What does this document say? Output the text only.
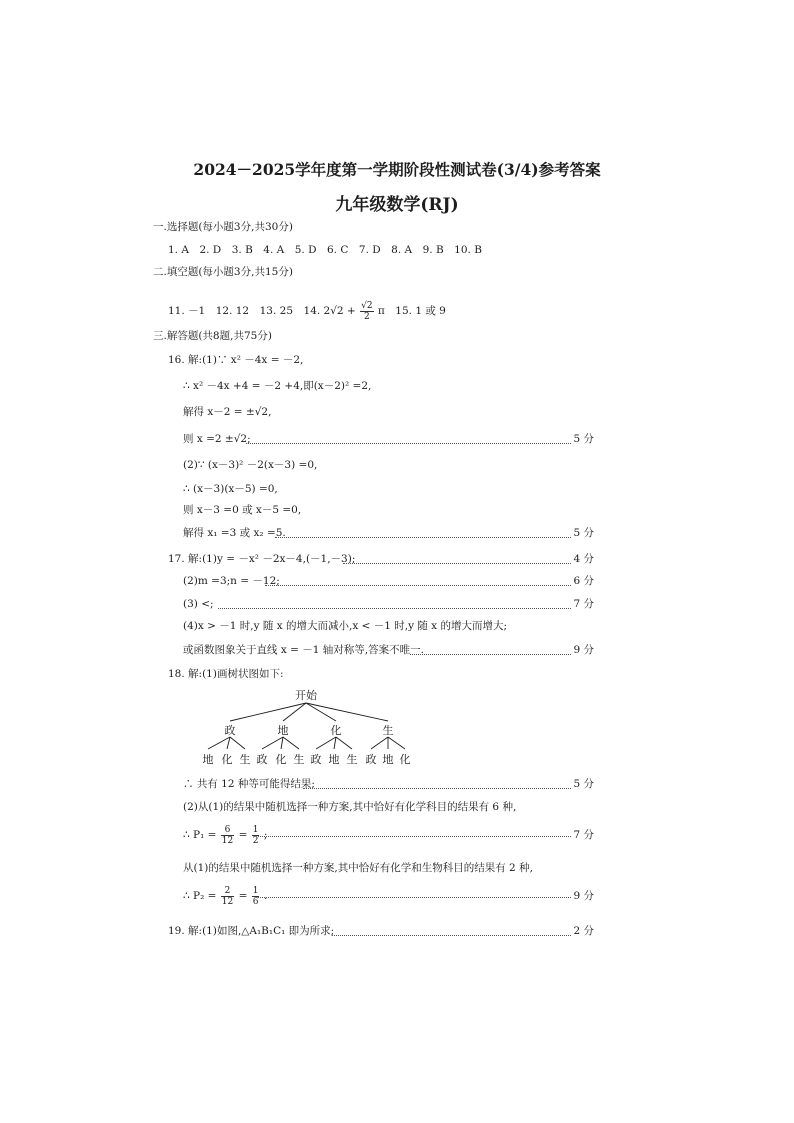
2024－2025学年度第一学期阶段性测试卷(3/4)参考答案
九年级数学(RJ)
一.选择题(每小题3分,共30分)
1. A　2. D　3. B　4. A　5. D　6. C　7. D　8. A　9. B　10. B
二.填空题(每小题3分,共15分)
11. －1　12. 12　13. 25　14. $2√2 + \frac{√2}{2}$ π　15. 1 或 9
三.解答题(共8题,共75分)
16. 解:(1)∵ x² －4x = －2,
∴ x² －4x +4 = －2 +4,即(x－2)² =2,
解得 x－2 = ±√2,
则 x =2 ±√2;	5 分
(2)∵ (x－3)² －2(x－3) =0,
∴ (x－3)(x－5) =0,
则 x－3 =0 或 x－5 =0,
解得 x₁ =3 或 x₂ =5.	5 分
17. 解:(1)y = －x² －2x－4,(－1,－3);	4 分
(2)m =3;n = －12;	6 分
(3) <;	7 分
(4)x > －1 时,y 随 x 的增大而减小,x < －1 时,y 随 x 的增大而增大;
或函数图象关于直线 x = －1 轴对称等,答案不唯一.	9 分
18. 解:(1)画树状图如下:
开始
政	地	化	生
地 化 生 政 化 生 政 地 生 政 地 化
∴ 共有 12 种等可能得结果;	5 分
(2)从(1)的结果中随机选择一种方案,其中恰好有化学科目的结果有 6 种,
∴ $P_1 = \frac{6}{12} = \frac{1}{2}$ ;	7 分
从(1)的结果中随机选择一种方案,其中恰好有化学和生物科目的结果有 2 种,
∴ $P_2 = \frac{2}{12} = \frac{1}{6}$ .	9 分
19. 解:(1)如图,△A₁B₁C₁ 即为所求;	2 分
